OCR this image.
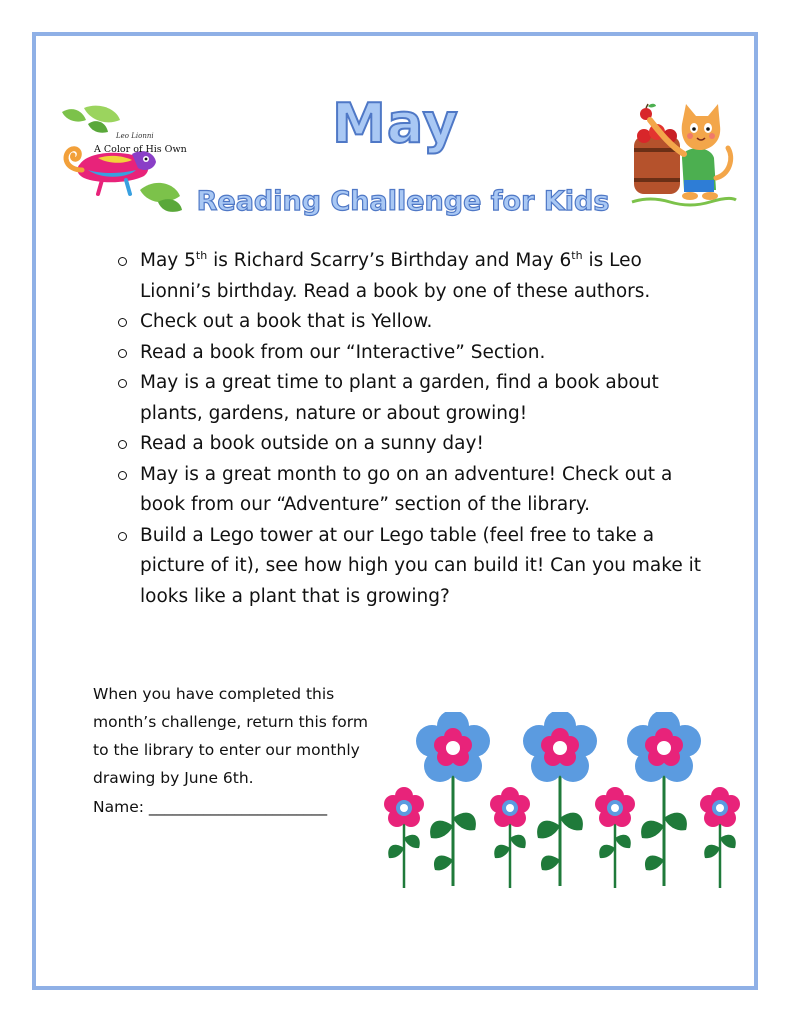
Leo Lionni
A Color of His Own	May
Reading Challenge for Kids
May 5th is Richard Scarry’s Birthday and May 6th is Leo Lionni’s birthday. Read a book by one of these authors.
Check out a book that is Yellow.
Read a book from our “Interactive” Section.
May is a great time to plant a garden, find a book about plants, gardens, nature or about growing!
Read a book outside on a sunny day!
May is a great month to go on an adventure! Check out a book from our “Adventure” section of the library.
Build a Lego tower at our Lego table (feel free to take a picture of it), see how high you can build it! Can you make it looks like a plant that is growing?
When you have completed this month’s challenge, return this form to the library to enter our monthly drawing by June 6th.
Name: _______________________
